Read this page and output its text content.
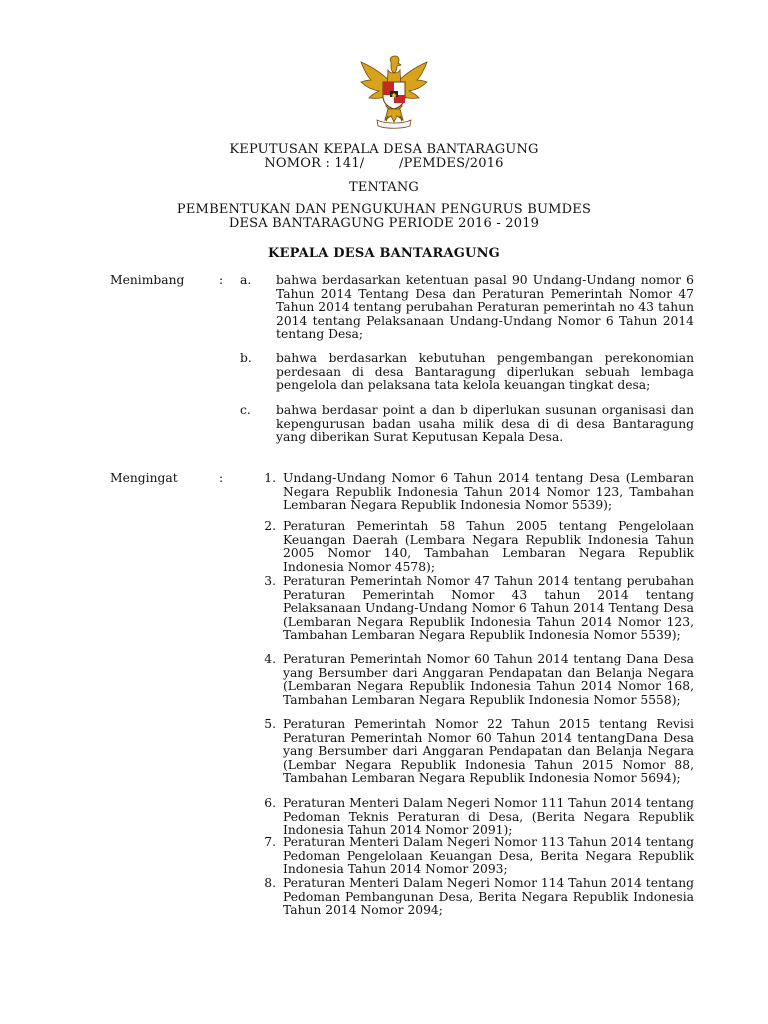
KEPUTUSAN KEPALA DESA BANTARAGUNG
NOMOR : 141/        /PEMDES/2016
TENTANG
PEMBENTUKAN DAN PENGUKUHAN PENGURUS BUMDES
DESA BANTARAGUNG PERIODE 2016 - 2019
KEPALA DESA BANTARAGUNG
Menimbang	: a. bahwa berdasarkan ketentuan pasal 90 Undang-Undang nomor 6 Tahun 2014 Tentang Desa dan Peraturan Pemerintah Nomor 47 Tahun 2014 tentang perubahan Peraturan pemerintah no 43 tahun 2014 tentang Pelaksanaan Undang-Undang Nomor 6 Tahun 2014 tentang Desa;
b. bahwa berdasarkan kebutuhan pengembangan perekonomian perdesaan di desa Bantaragung diperlukan sebuah lembaga pengelola dan pelaksana tata kelola keuangan tingkat desa;
c. bahwa berdasar point a dan b diperlukan susunan organisasi dan kepengurusan badan usaha milik desa di di desa Bantaragung yang diberikan Surat Keputusan Kepala Desa.
Mengingat	:	1. Undang-Undang Nomor 6 Tahun 2014 tentang Desa (Lembaran Negara Republik Indonesia Tahun 2014 Nomor 123, Tambahan Lembaran Negara Republik Indonesia Nomor 5539);
2. Peraturan Pemerintah 58 Tahun 2005 tentang Pengelolaan Keuangan Daerah (Lembara Negara Republik Indonesia Tahun 2005 Nomor 140, Tambahan Lembaran Negara Republik Indonesia Nomor 4578);
3. Peraturan Pemerintah Nomor 47 Tahun 2014 tentang perubahan Peraturan Pemerintah Nomor 43 tahun 2014 tentang Pelaksanaan Undang-Undang Nomor 6 Tahun 2014 Tentang Desa (Lembaran Negara Republik Indonesia Tahun 2014 Nomor 123, Tambahan Lembaran Negara Republik Indonesia Nomor 5539);
4. Peraturan Pemerintah Nomor 60 Tahun 2014 tentang Dana Desa yang Bersumber dari Anggaran Pendapatan dan Belanja Negara (Lembaran Negara Republik Indonesia Tahun 2014 Nomor 168, Tambahan Lembaran Negara Republik Indonesia Nomor 5558);
5. Peraturan Pemerintah Nomor 22 Tahun 2015 tentang Revisi Peraturan Pemerintah Nomor 60 Tahun 2014 tentangDana Desa yang Bersumber dari Anggaran Pendapatan dan Belanja Negara (Lembar Negara Republik Indonesia Tahun 2015 Nomor 88, Tambahan Lembaran Negara Republik Indonesia Nomor 5694);
6. Peraturan Menteri Dalam Negeri Nomor 111 Tahun 2014 tentang Pedoman Teknis Peraturan di Desa, (Berita Negara Republik Indonesia Tahun 2014 Nomor 2091);
7. Peraturan Menteri Dalam Negeri Nomor 113 Tahun 2014 tentang Pedoman Pengelolaan Keuangan Desa, Berita Negara Republik Indonesia Tahun 2014 Nomor 2093;
8. Peraturan Menteri Dalam Negeri Nomor 114 Tahun 2014 tentang Pedoman Pembangunan Desa, Berita Negara Republik Indonesia Tahun 2014 Nomor 2094;
